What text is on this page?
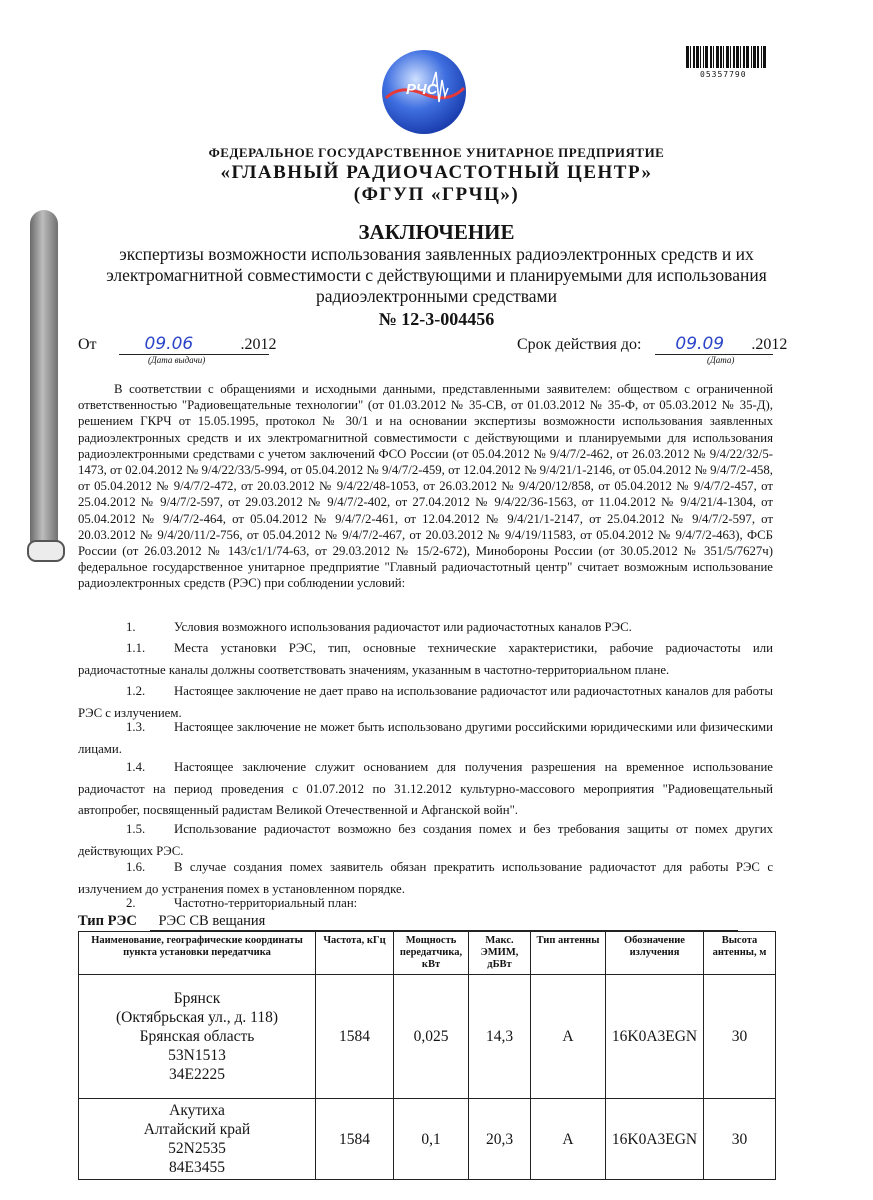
РЧС
05357790
ФЕДЕРАЛЬНОЕ ГОСУДАРСТВЕННОЕ УНИТАРНОЕ ПРЕДПРИЯТИЕ
«ГЛАВНЫЙ РАДИОЧАСТОТНЫЙ ЦЕНТР»
(ФГУП «ГРЧЦ»)
ЗАКЛЮЧЕНИЕ
экспертизы возможности использования заявленных радиоэлектронных средств и их электромагнитной совместимости с действующими и планируемыми для использования радиоэлектронными средствами
№ 12-3-004456
От	09.06	.2012
(Дата выдачи)
Срок действия до: 09.09 .2012
(Дата)
В соответствии с обращениями и исходными данными, представленными заявителем: обществом с ограниченной ответственностью "Радиовещательные технологии" (от 01.03.2012 № 35-СВ, от 01.03.2012 № 35-Ф, от 05.03.2012 № 35-Д), решением ГКРЧ от 15.05.1995, протокол № 30/1 и на основании экспертизы возможности использования заявленных радиоэлектронных средств и их электромагнитной совместимости с действующими и планируемыми для использования радиоэлектронными средствами с учетом заключений ФСО России (от 05.04.2012 № 9/4/7/2-462, от 26.03.2012 № 9/4/22/32/5-1473, от 02.04.2012 № 9/4/22/33/5-994, от 05.04.2012 № 9/4/7/2-459, от 12.04.2012 № 9/4/21/1-2146, от 05.04.2012 № 9/4/7/2-458, от 05.04.2012 № 9/4/7/2-472, от 20.03.2012 № 9/4/22/48-1053, от 26.03.2012 № 9/4/20/12/858, от 05.04.2012 № 9/4/7/2-457, от 25.04.2012 № 9/4/7/2-597, от 29.03.2012 № 9/4/7/2-402, от 27.04.2012 № 9/4/22/36-1563, от 11.04.2012 № 9/4/21/4-1304, от 05.04.2012 № 9/4/7/2-464, от 05.04.2012 № 9/4/7/2-461, от 12.04.2012 № 9/4/21/1-2147, от 25.04.2012 № 9/4/7/2-597, от 20.03.2012 № 9/4/20/11/2-756, от 05.04.2012 № 9/4/7/2-467, от 20.03.2012 № 9/4/19/11583, от 05.04.2012 № 9/4/7/2-463), ФСБ России (от 26.03.2012 № 143/с1/1/74-63, от 29.03.2012 № 15/2-672), Минобороны России (от 30.05.2012 № 351/5/7627ч) федеральное государственное унитарное предприятие "Главный радиочастотный центр" считает возможным использование радиоэлектронных средств (РЭС) при соблюдении условий:
1.	Условия возможного использования радиочастот или радиочастотных каналов РЭС.
1.1. Места установки РЭС, тип, основные технические характеристики, рабочие радиочастоты или радиочастотные каналы должны соответствовать значениям, указанным в частотно-территориальном плане.
1.2. Настоящее заключение не дает право на использование радиочастот или радиочастотных каналов для работы РЭС с излучением.
1.3. Настоящее заключение не может быть использовано другими российскими юридическими или физическими лицами.
1.4. Настоящее заключение служит основанием для получения разрешения на временное использование радиочастот на период проведения с 01.07.2012 по 31.12.2012 культурно-массового мероприятия "Радиовещательный автопробег, посвященный радистам Великой Отечественной и Афганской войн".
1.5. Использование радиочастот возможно без создания помех и без требования защиты от помех других действующих РЭС.
1.6. В случае создания помех заявитель обязан прекратить использование радиочастот для работы РЭС с излучением до устранения помех в установленном порядке.
2.	Частотно-территориальный план:
Тип РЭС РЭС СВ вещания
Наименование, географические координаты пункта установки передатчика	Частота, кГц	Мощность передатчика, кВт	Макс. ЭМИМ, дБВт	Тип антенны	Обозначение излучения	Высота антенны, м

Брянск
(Октябрьская ул., д. 118)
Брянская область
53N1513
34E2225	1584	0,025	14,3	А	16K0A3EGN	30

Акутиха
Алтайский край
52N2535
84E3455	1584	0,1	20,3	А	16K0A3EGN	30
